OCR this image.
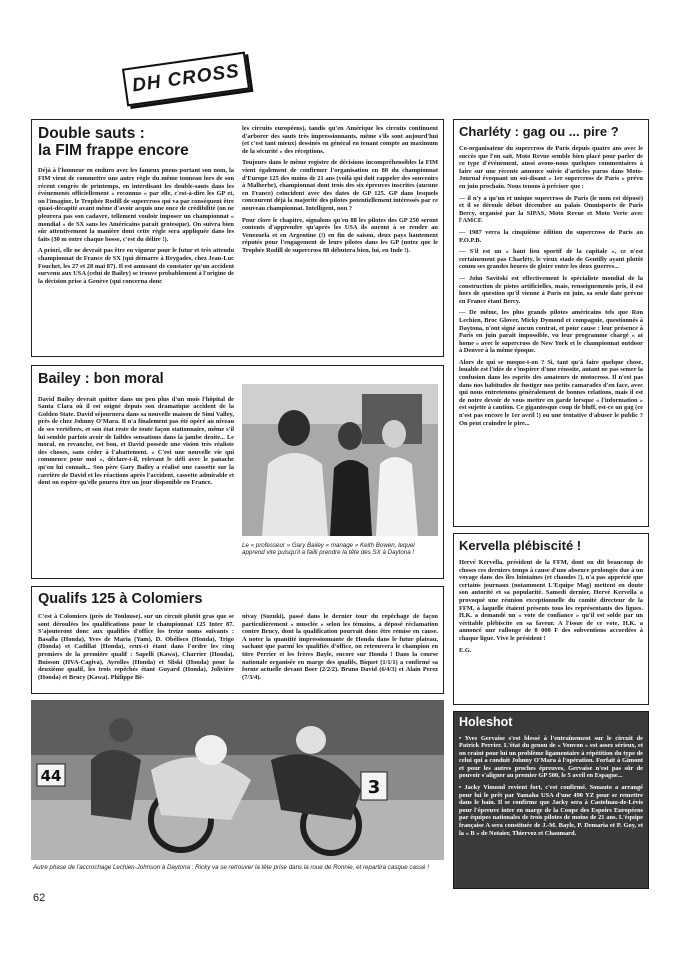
DH CROSS

Double sauts :
la FIM frappe encore

Déjà à l'honneur en enduro avec les fameux pneus portant son nom, la FIM vient de commettre une autre règle du même tonneau lors de son récent congrès de printemps, en interdisant les double-sauts dans les événements officiellement « reconnus » par elle, c'est-à-dire les GP et, on l'imagine, le Trophée Rodill de supercross qui va par conséquent être quasi-décapité avant même d'avoir acquis une once de crédibilité (on ne pleurera pas son cadavre, tellement vouloir imposer un championnat « mondial » de SX sans les Américains paraît grotesque). On suivra bien sûr attentivement la manière dont cette règle sera appliquée dans les faits (30 m entre chaque bosse, c'est du délire !).

A priori, elle ne devrait pas être en vigueur pour le futur et très attendu championnat de France de SX (qui démarre à Reygades, chez Jean-Luc Fouchet, les 27 et 28 mai 87). Il est amusant de constater qu'un accident survenu aux USA (celui de Bailey) se trouve probablement à l'origine de la décision prise à Genève (qui concerna donc

les circuits européens), tandis qu'en Amérique les circuits continuent d'arborer des sauts très impressionnants, même s'ils sont aujourd'hui (et c'est tant mieux) dessinés en général en tenant compte au maximum de la sécurité » des réceptions.

Toujours dans le même registre de décisions incompréhensibles la FIM vient également de confirmer l'organisation en 88 du championnat d'Europe 125 des moins de 21 ans (voilà qui doit rappeler des souvenirs à Malherbe), championnat dont trois des six épreuves inscrites (aucune en France) coïncident avec des dates de GP 125. GP dans lesquels concourent déjà la majorité des pilotes potentiellement intéressés par ce nouveau championnat. Intelligent, non ?

Pour clore le chapitre, signalons qu'en 88 les pilotes des GP 250 seront contents d'apprendre qu'après les USA ils auront à se rendre au Venezuela et en Argentine (!) en fin de saison, deux pays hautement réputés pour l'engagement de leurs pilotes dans les GP (notez que le Trophée Rodill de supercross 88 débutera bien, lui, en Inde !).

Bailey : bon moral

David Bailey devrait quitter dans un peu plus d'un mois l'hôpital de Santa Clara où il est soigné depuis son dramatique accident de la Golden State. David séjournera dans sa nouvelle maison de Simi Valley, près de chez Johnny O'Mara. Il n'a finalement pas été opéré au niveau de ses vertèbres, et son état reste de toute façon stationnaire, même s'il lui semble parfois avoir de faibles sensations dans la jambe droite... Le moral, en revanche, est bon, et David possède une vision très réaliste des choses, sans céder à l'abattement. « C'est une nouvelle vie qui commence pour moi », déclare-t-il, relevant le défi avec le panache qu'on lui connaît... Son père Gary Bailey a réalisé une cassette sur la carrière de David et les réactions après l'accident, cassette admirable et dont on espère qu'elle pourra être un jour disponible en France.

Le « professeur » Gary Bailey « manage » Keith Bowen, lequel apprend vite puisqu'il a failli prendre la tête des SX à Daytona !

Qualifs 125 à Colomiers

C'est à Colomiers (près de Toulouse), sur un circuit plutôt gras que se sont déroulées les qualifications pour le championnat 125 Inter 87. S'ajouteront donc aux qualifiés d'office les treize noms suivants : Basalla (Honda), Yves de Maria (Yam), D. Obélisco (Honda), Trigo (Honda) et Cadillat (Honda), ceux-ci étant dans l'ordre les cinq premiers de la première qualif : Sapelli (Kawa), Charrier (Honda), Buisson (HVA-Cagiva), Ayrolles (Honda) et Sliski (Honda) pour la deuxième qualif, les trois repêchés étant Guyard (Honda), Jolivière (Honda) et Brucy (Kawa). Philippe Bé-

nivay (Suzuki), passé dans le dernier tour du repêchage de façon particulièrement « musclée » selon les témoins, a déposé réclamation contre Brucy, dont la qualification pourrait donc être remise en cause. A noter la quantité impressionnante de Honda dans le futur plateau, sachant que parmi les qualifiés d'office, on retrouvera le champion en titre Perrier et les frères Bayle, encore sur Honda ! Dans la course nationale organisée en marge des qualifs, Biquet (1/1/1) a confirmé sa forme actuelle devant Boer (2/2/2). Bruno David (6/4/3) et Alain Perez (7/3/4).

44
3
Autre phase de l'accrochage Lechien-Johnson à Daytona : Ricky va se retrouver la tête prise dans la roue de Ronnie, et repartira casque cassé !
62

Charléty : gag ou ... pire ?

Co-organisateur du supercross de Paris depuis quatre ans avec le succès que l'on sait, Moto Revue semble bien placé pour parler de ce type d'événement, aussi avons-nous quelques commentaires à faire sur une récente annonce suivie d'articles parus dans Moto-Journal évoquant un soi-disant « 1er supercross de Paris » prévu en juin prochain. Nous tenons à préciser que :

— il n'y a qu'un et unique supercross de Paris (le nom est déposé) et il se déroule début décembre au palais Omnisports de Paris Bercy, organisé par la SIPAS, Moto Revue et Moto Verte avec l'AMCF.

— 1987 verra la cinquième édition du supercross de Paris au P.O.P.B.

— S'il est un « haut lieu sportif de la capitale », ce n'est certainement pas Charléty, le vieux stade de Gentilly ayant plutôt connu ses grandes heures de gloire entre les deux guerres...

— John Savitski est effectivement le spécialiste mondial de la construction de pistes artificielles, mais, renseignements pris, il est hors de question qu'il vienne à Paris en juin, sa seule date prévue en France étant Bercy.

— De même, les plus grands pilotes américains tels que Ron Lechien, Broc Glover, Micky Dymond et compagnie, questionnés à Daytona, n'ont signé aucun contrat, et pour cause : leur présence à Paris en juin paraît impossible, vu leur programme chargé « at home » avec le supercross de New York et le championnat outdoor à Denver à la même époque.

Alors de qui se moque-t-on ? Si, tant qu'à faire quelque chose, louable est l'idée de s'inspirer d'une réussite, autant ne pas semer la confusion dans les esprits des amateurs de motocross. Il n'est pas dans nos habitudes de fustiger nos petits camarades d'en face, avec qui nous entretenons généralement de bonnes relations, mais il est de notre devoir de vous mettre en garde lorsque « l'information » est sujette à caution. Ce gigantesque coup de bluff, est-ce un gag (ce n'est pas encore le 1er avril !) ou une tentative d'abuser le public ? On peut craindre le pire...

Kervella plébiscité !

Hervé Kervella, président de la FFM, dont on dit beaucoup de choses ces derniers temps à cause d'une absence prolongée due à un voyage dans des îles lointaines (et chaudes !), n'a pas apprécié que certains journaux (notamment L'Equipe Mag) mettent en doute son autorité et sa popularité. Samedi dernier, Hervé Kervella a provoqué une réunion exceptionnelle du comité directeur de la FFM, à laquelle étaient présents tous les représentants des ligues. H.K. a demandé un « vote de confiance » qu'il est solde par un véritable plébiscite en sa faveur. A l'issue de ce vote, H.K. a annoncé une rallonge de 8 000 F des subventions accordées à chaque ligue. Vive le président !

E.G.

Holeshot

• Yves Gervaise s'est blessé à l'entraînement sur le circuit de Patrick Perrier. L'état du genou de « Vonvon » est assez sérieux, et on craint pour lui un problème ligamentaire à répétition du type de celui qui a conduit Johnny O'Mara à l'opération. Forfait à Gimont et pour les autres proches épreuves, Gervaise n'est pas sûr de pouvoir s'aligner au premier GP 500, le 5 avril en Espagne...

• Jacky Vimond revient fort, c'est confirmé. Sonauto a arrangé pour lui le prêt par Yamaha USA d'une 490 YZ pour se remettre dans le bain. Il se confirme que Jacky sera à Castelnau-de-Lévis pour l'épreuve inter en marge de la Coupe des Espoirs Européens par équipes nationales de trois pilotes de moins de 21 ans. L'équipe française A sera constituée de J.-M. Bayle, P. Demaria et P. Goy, et la « B » de Notaier, Thiervoz et Chaumard.
